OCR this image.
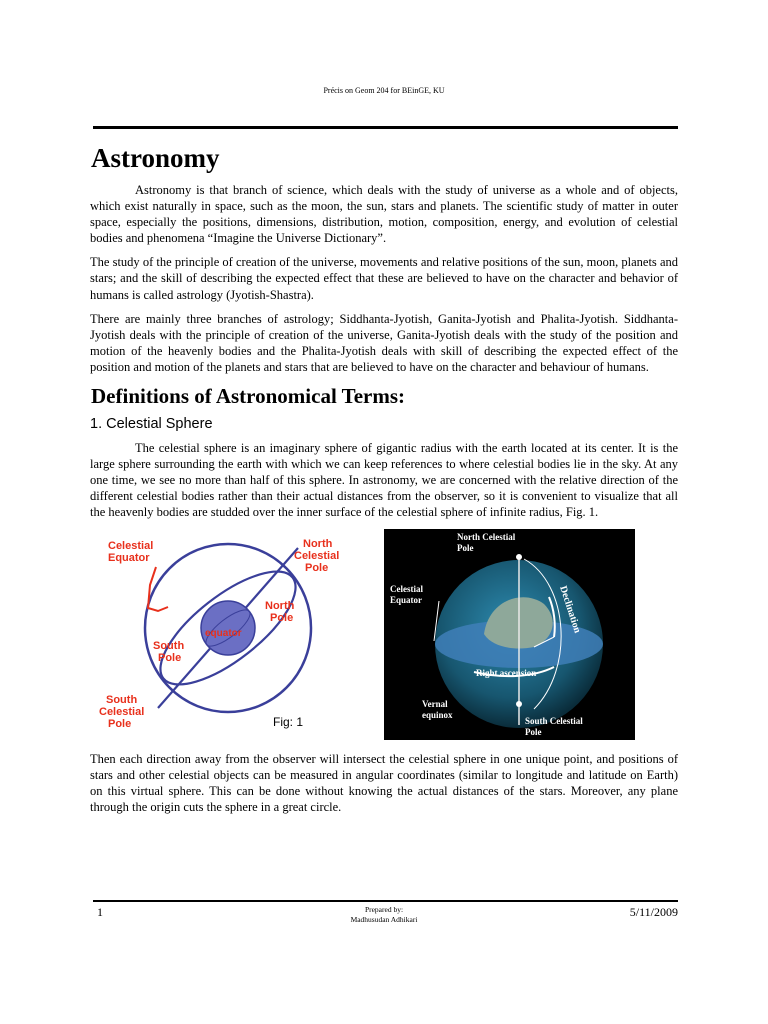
Précis on Geom 204 for BEinGE, KU
Astronomy

Astronomy is that branch of science, which deals with the study of universe as a whole and of objects, which exist naturally in space, such as the moon, the sun, stars and planets. The scientific study of matter in outer space, especially the positions, dimensions, distribution, motion, composition, energy, and evolution of celestial bodies and phenomena “Imagine the Universe Dictionary”.

The study of the principle of creation of the universe, movements and relative positions of the sun, moon, planets and stars; and the skill of describing the expected effect that these are believed to have on the character and behavior of humans is called astrology (Jyotish-Shastra).

There are mainly three branches of astrology; Siddhanta-Jyotish, Ganita-Jyotish and Phalita-Jyotish. Siddhanta-Jyotish deals with the principle of creation of the universe, Ganita-Jyotish deals with the study of the position and motion of the heavenly bodies and the Phalita-Jyotish deals with skill of describing the expected effect of the position and motion of the planets and stars that are believed to have on the character and behaviour of humans.

Definitions of Astronomical Terms:
1. Celestial Sphere

The celestial sphere is an imaginary sphere of gigantic radius with the earth located at its center. It is the large sphere surrounding the earth with which we can keep references to where celestial bodies lie in the sky. At any one time, we see no more than half of this sphere. In astronomy, we are concerned with the relative direction of the different celestial bodies rather than their actual distances from the observer, so it is convenient to visualize that all the heavenly bodies are studded over the inner surface of the celestial sphere of infinite radius, Fig. 1.

Celestial
Equator
North
Celestial
Pole
North
Pole
equator
South
Pole
South
Celestial
Pole	Fig: 1
North Celestial
Pole
Celestial
Equator	Declination
Right ascension
Vernal
equinox
South Celestial
Pole

Then each direction away from the observer will intersect the celestial sphere in one unique point, and positions of stars and other celestial objects can be measured in angular coordinates (similar to longitude and latitude on Earth) on this virtual sphere. This can be done without knowing the actual distances of the stars. Moreover, any plane through the origin cuts the sphere in a great circle.

1	Prepared by:
Madhusudan Adhikari
5/11/2009
